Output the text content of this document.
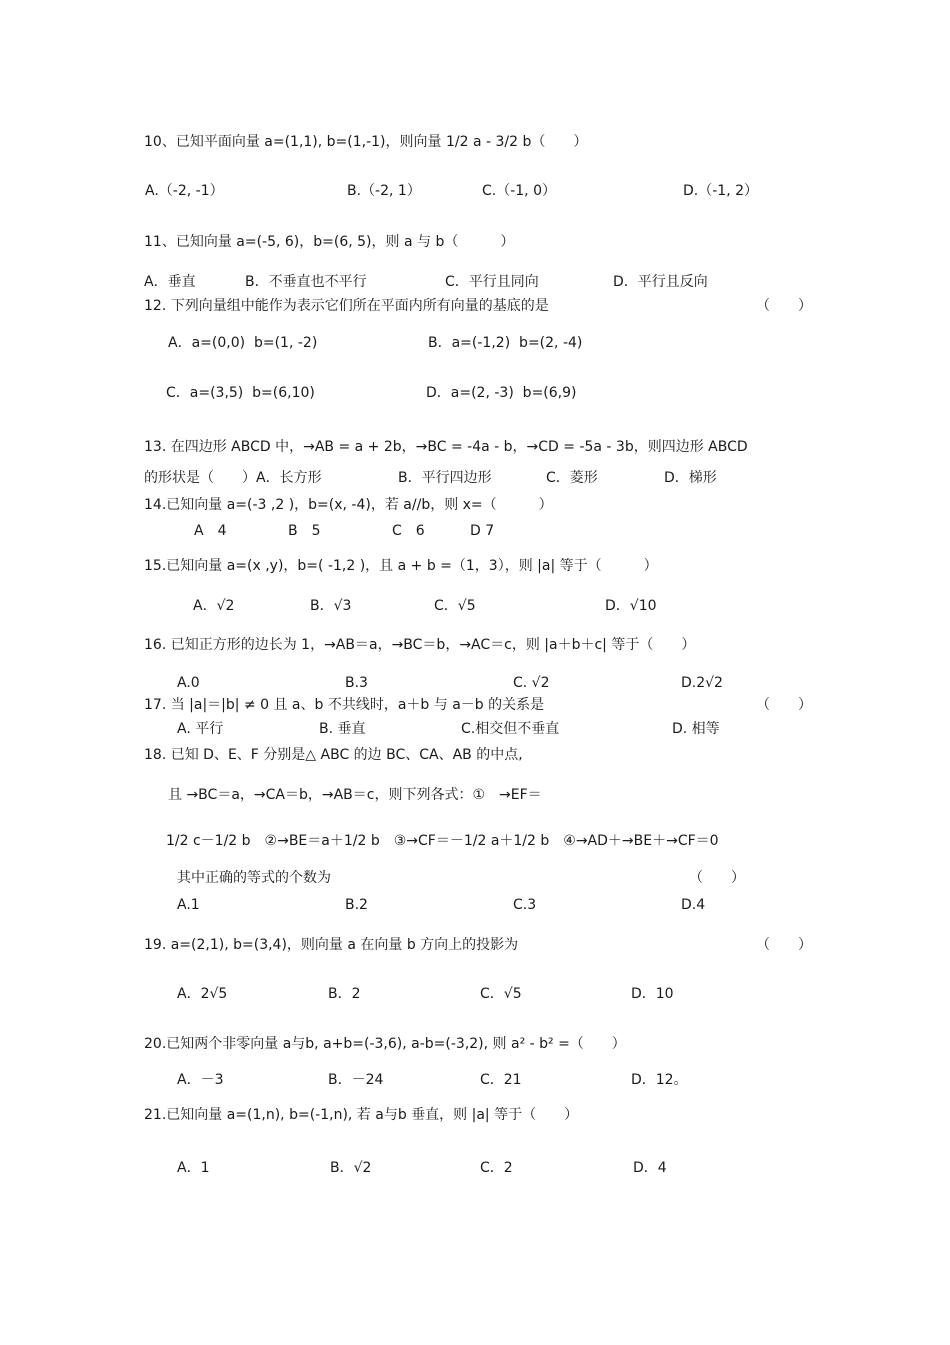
10、已知平面向量 a=(1,1), b=(1,-1)，则向量 1/2 a - 3/2 b（　　）
A.（-2, -1）	B.（-2, 1）	C.（-1, 0）	D.（-1, 2）
11、已知向量 a=(-5, 6)，b=(6, 5)，则 a 与 b（　　　）
A．垂直	B．不垂直也不平行	C．平行且同向	D．平行且反向
12. 下列向量组中能作为表示它们所在平面内所有向量的基底的是	（　　）
A．a=(0,0)  b=(1, -2)	B．a=(-1,2)  b=(2, -4)
C．a=(3,5)  b=(6,10)	D．a=(2, -3)  b=(6,9)
13. 在四边形 ABCD 中，→AB = a + 2b，→BC = -4a - b，→CD = -5a - 3b，则四边形 ABCD
的形状是（　　）A．长方形	B．平行四边形	C．菱形	D．梯形
14.已知向量 a=(-3 ,2 )，b=(x, -4)，若 a//b，则 x=（　　　）
A　4	B　5	C　6	D 7
15.已知向量 a=(x ,y)，b=( -1,2 )，且 a + b =（1，3），则 |a| 等于（　　　）
A．√2	B．√3	C．√5	D．√10
16. 已知正方形的边长为 1，→AB＝a，→BC＝b，→AC＝c，则 |a＋b＋c| 等于（　　）
A.0	B.3	C. √2	D.2√2
17. 当 |a|＝|b| ≠ 0 且 a、b 不共线时，a＋b 与 a－b 的关系是	（　　）
A. 平行	B. 垂直	C.相交但不垂直	D. 相等
18. 已知 D、E、F 分别是△ ABC 的边 BC、CA、AB 的中点,
且 →BC＝a，→CA＝b，→AB＝c，则下列各式：①　→EF＝
1/2 c－1/2 b　②→BE＝a＋1/2 b　③→CF＝－1/2 a＋1/2 b　④→AD＋→BE＋→CF＝0
其中正确的等式的个数为	（　　）
A.1	B.2	C.3	D.4
19. a=(2,1), b=(3,4)，则向量 a 在向量 b 方向上的投影为	（　　）
A．2√5	B．2	C．√5	D．10
20.已知两个非零向量 a与b, a+b=(-3,6), a-b=(-3,2), 则 a² - b² =（　　）
A．－3	B．－24	C．21	D．12。
21.已知向量 a=(1,n), b=(-1,n), 若 a与b 垂直，则 |a| 等于（　　）
A．1	B．√2	C．2	D．4
